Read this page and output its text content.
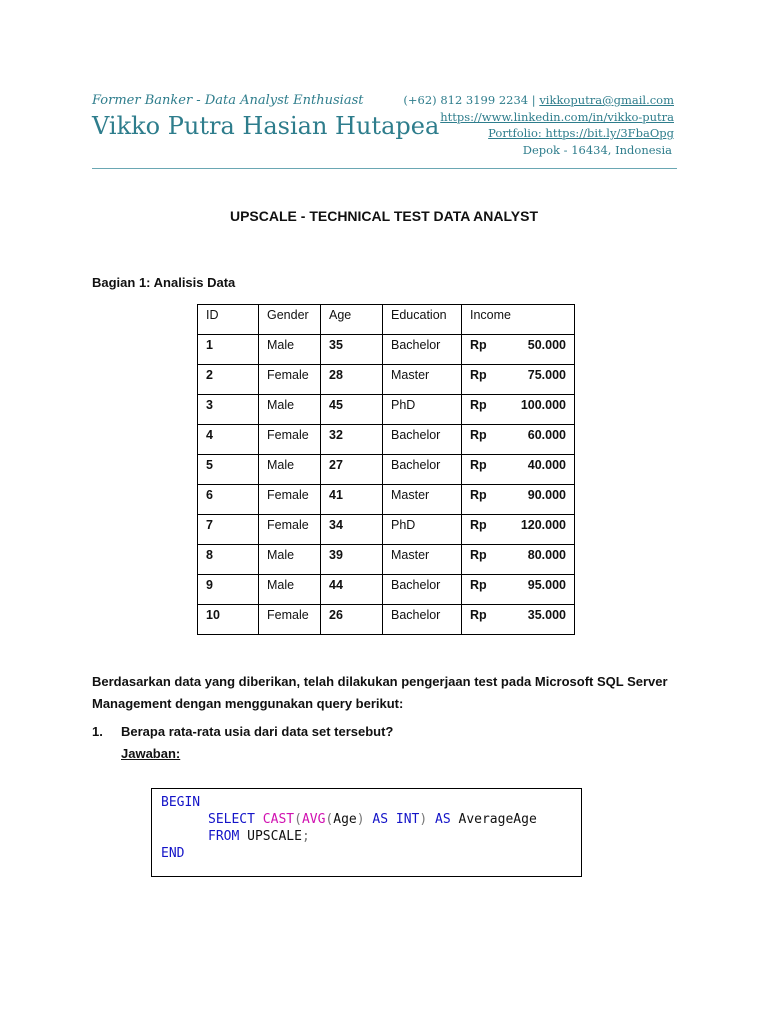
Former Banker - Data Analyst Enthusiast
Vikko Putra Hasian Hutapea
(+62) 812 3199 2234 | vikkoputra@gmail.com
https://www.linkedin.com/in/vikko-putra
Portfolio: https://bit.ly/3FbaOpg
Depok - 16434, Indonesia
UPSCALE - TECHNICAL TEST DATA ANALYST
Bagian 1: Analisis Data
ID	Gender	Age	Education	Income
1	Male	35	Bachelor	Rp 50.000

2	Female	28	Master	Rp 75.000

3	Male	45	PhD	Rp 100.000

4	Female	32	Bachelor	Rp 60.000

5	Male	27	Bachelor	Rp 40.000

6	Female	41	Master	Rp 90.000

7	Female	34	PhD	Rp 120.000

8	Male	39	Master	Rp 80.000

9	Male	44	Bachelor	Rp 95.000

10	Female	26	Bachelor	Rp 35.000
Berdasarkan data yang diberikan, telah dilakukan pengerjaan test pada Microsoft SQL Server Management dengan menggunakan query berikut:
1. Berapa rata-rata usia dari data set tersebut?
Jawaban:
BEGIN
SELECT CAST(AVG(Age) AS INT) AS AverageAge
FROM UPSCALE;
END
